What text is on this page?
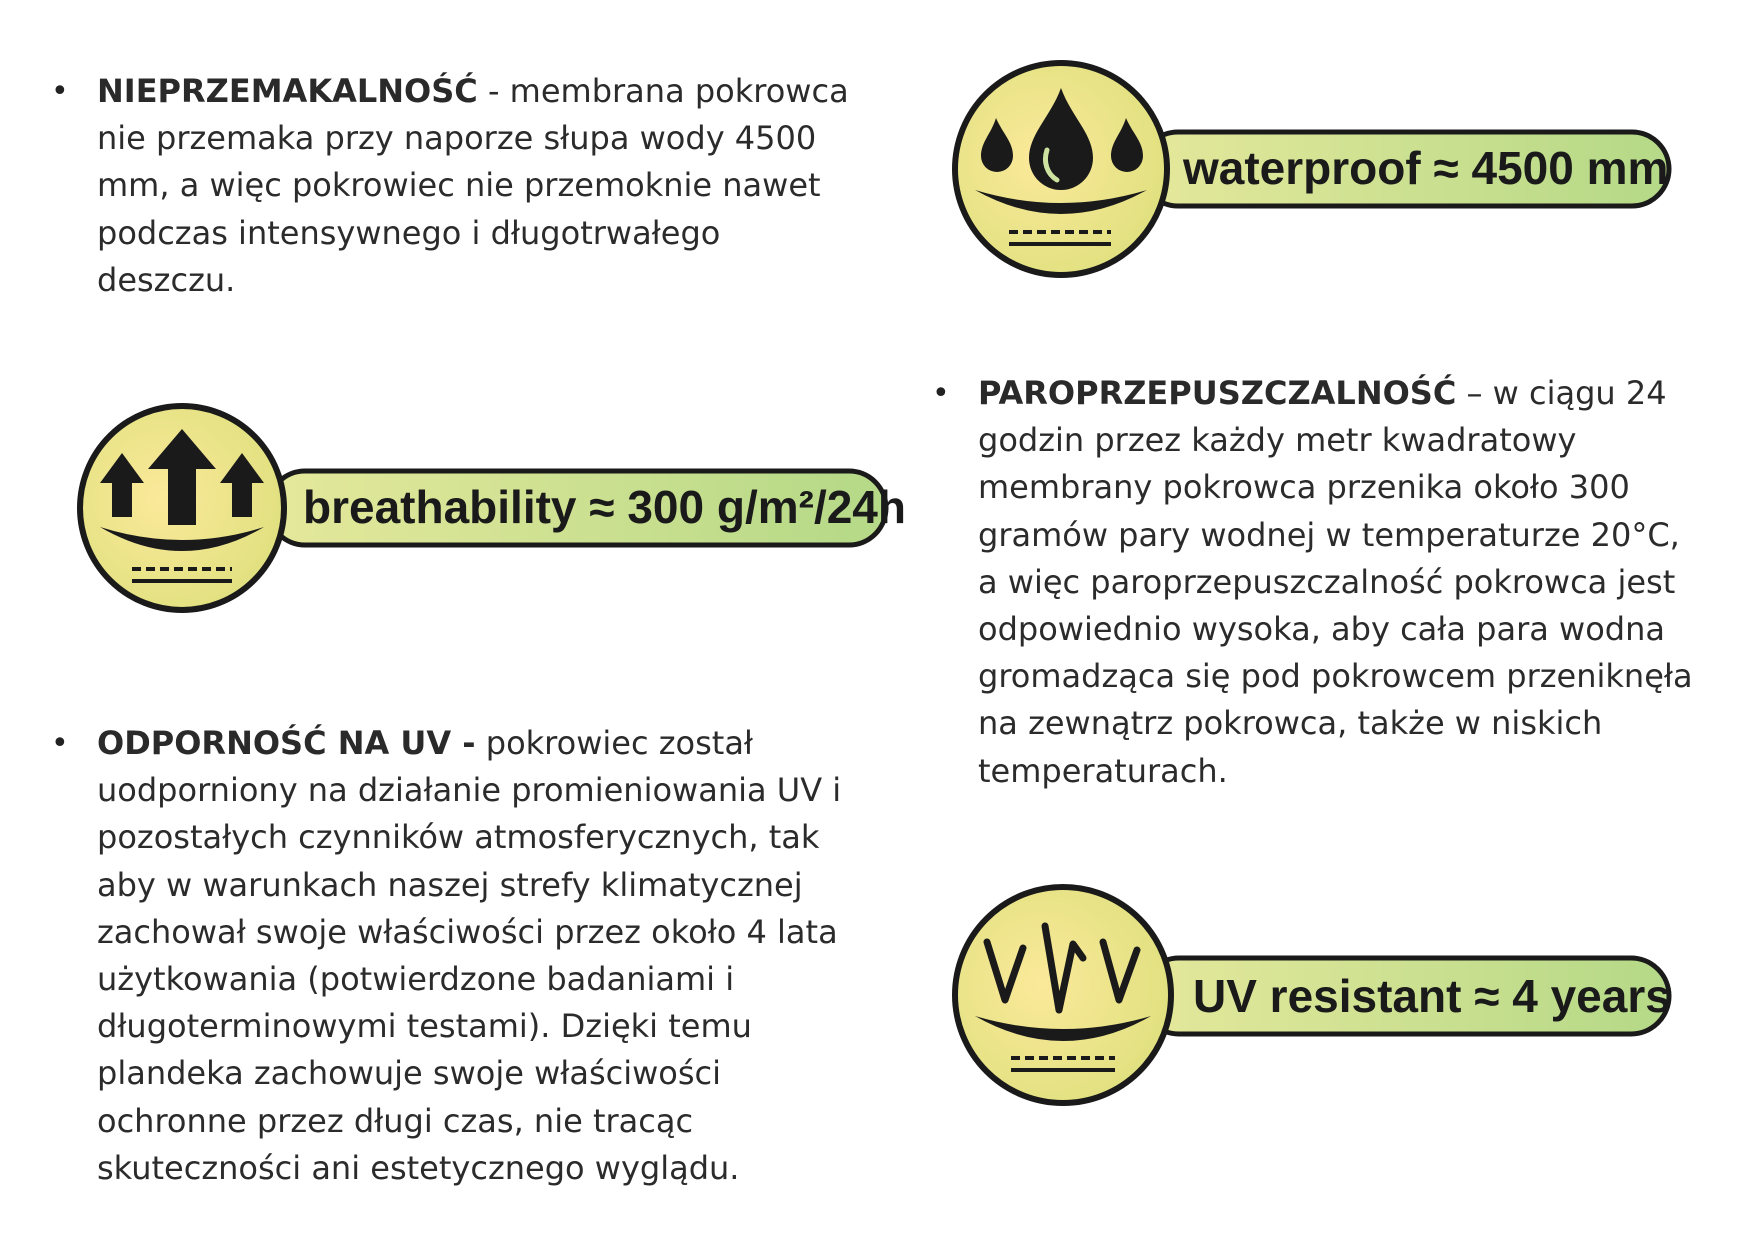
• NIEPRZEMAKALNOŚĆ - membrana pokrowca
nie przemaka przy naporze słupa wody 4500
mm, a więc pokrowiec nie przemoknie nawet
podczas intensywnego i długotrwałego
deszczu.

• PAROPRZEPUSZCZALNOŚĆ – w ciągu 24
godzin przez każdy metr kwadratowy
membrany pokrowca przenika około 300
gramów pary wodnej w temperaturze 20°C,
a więc paroprzepuszczalność pokrowca jest
odpowiednio wysoka, aby cała para wodna
gromadząca się pod pokrowcem przeniknęła
na zewnątrz pokrowca, także w niskich
temperaturach.

• ODPORNOŚĆ NA UV - pokrowiec został
uodporniony na działanie promieniowania UV i
pozostałych czynników atmosferycznych, tak
aby w warunkach naszej strefy klimatycznej
zachował swoje właściwości przez około 4 lata
użytkowania (potwierdzone badaniami i
długoterminowymi testami). Dzięki temu
plandeka zachowuje swoje właściwości
ochronne przez długi czas, nie tracąc
skuteczności ani estetycznego wyglądu.

waterproof ≈ 4500 mm
breathability ≈ 300 g/m²/24h
UV resistant ≈ 4 years
